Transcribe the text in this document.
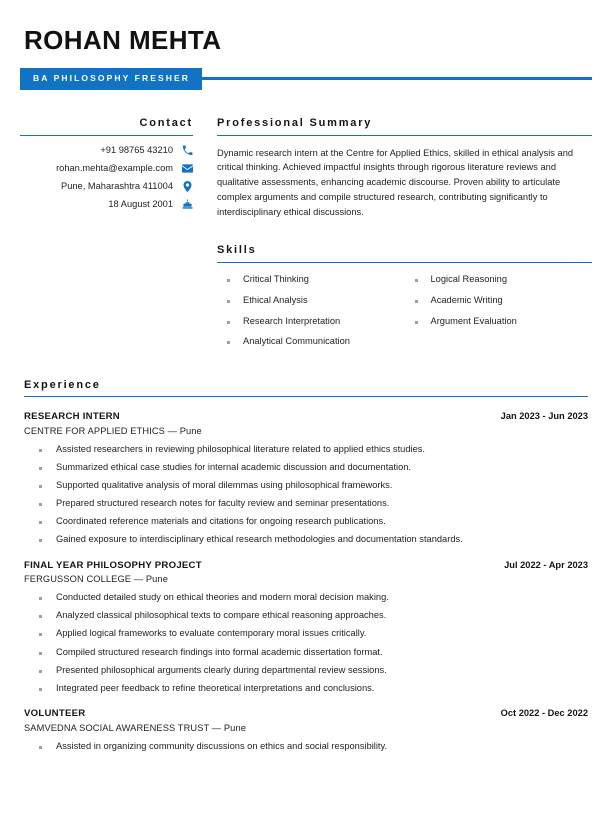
ROHAN MEHTA
BA PHILOSOPHY FRESHER
Contact
+91 98765 43210
rohan.mehta@example.com
Pune, Maharashtra 411004
18 August 2001
Professional Summary
Dynamic research intern at the Centre for Applied Ethics, skilled in ethical analysis and critical thinking. Achieved impactful insights through rigorous literature reviews and qualitative assessments, enhancing academic discourse. Proven ability to articulate complex arguments and compile structured research, contributing significantly to interdisciplinary ethical discussions.
Skills
Critical Thinking
Ethical Analysis
Research Interpretation
Analytical Communication
Logical Reasoning
Academic Writing
Argument Evaluation
Experience
RESEARCH INTERN	Jan 2023 - Jun 2023
CENTRE FOR APPLIED ETHICS — Pune
Assisted researchers in reviewing philosophical literature related to applied ethics studies.
Summarized ethical case studies for internal academic discussion and documentation.
Supported qualitative analysis of moral dilemmas using philosophical frameworks.
Prepared structured research notes for faculty review and seminar presentations.
Coordinated reference materials and citations for ongoing research publications.
Gained exposure to interdisciplinary ethical research methodologies and documentation standards.
FINAL YEAR PHILOSOPHY PROJECT	Jul 2022 - Apr 2023
FERGUSSON COLLEGE — Pune
Conducted detailed study on ethical theories and modern moral decision making.
Analyzed classical philosophical texts to compare ethical reasoning approaches.
Applied logical frameworks to evaluate contemporary moral issues critically.
Compiled structured research findings into formal academic dissertation format.
Presented philosophical arguments clearly during departmental review sessions.
Integrated peer feedback to refine theoretical interpretations and conclusions.
VOLUNTEER	Oct 2022 - Dec 2022
SAMVEDNA SOCIAL AWARENESS TRUST — Pune
Assisted in organizing community discussions on ethics and social responsibility.
